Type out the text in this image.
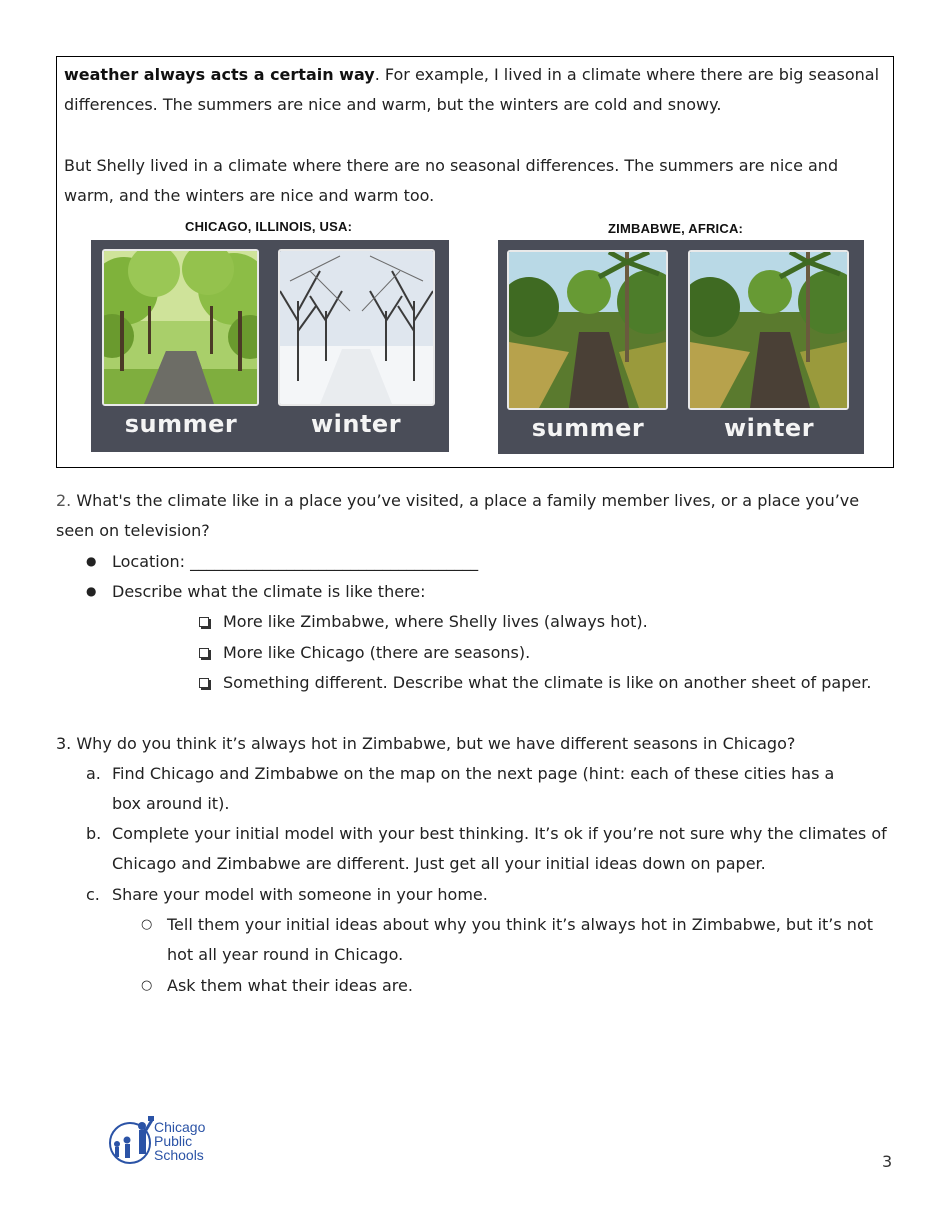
weather always acts a certain way. For example, I lived in a climate where there are big seasonal

differences. The summers are nice and warm, but the winters are cold and snowy.

But Shelly lived in a climate where there are no seasonal differences. The summers are nice and

warm, and the winters are nice and warm too.

CHICAGO, ILLINOIS, USA:
summer	winter
ZIMBABWE, AFRICA:
summer	winter
2. What's the climate like in a place you’ve visited, a place a family member lives, or a place you’ve
seen on television?
● Location: ____________________________________
● Describe what the climate is like there:
More like Zimbabwe, where Shelly lives (always hot).
More like Chicago (there are seasons).
Something different. Describe what the climate is like on another sheet of paper.
3. Why do you think it’s always hot in Zimbabwe, but we have different seasons in Chicago?
a. Find Chicago and Zimbabwe on the map on the next page (hint: each of these cities has a
box around it).
b. Complete your initial model with your best thinking. It’s ok if you’re not sure why the climates of
Chicago and Zimbabwe are different. Just get all your initial ideas down on paper.
c. Share your model with someone in your home.
○ Tell them your initial ideas about why you think it’s always hot in Zimbabwe, but it’s not
hot all year round in Chicago.
○ Ask them what their ideas are.
Chicago
Public
Schools	3
